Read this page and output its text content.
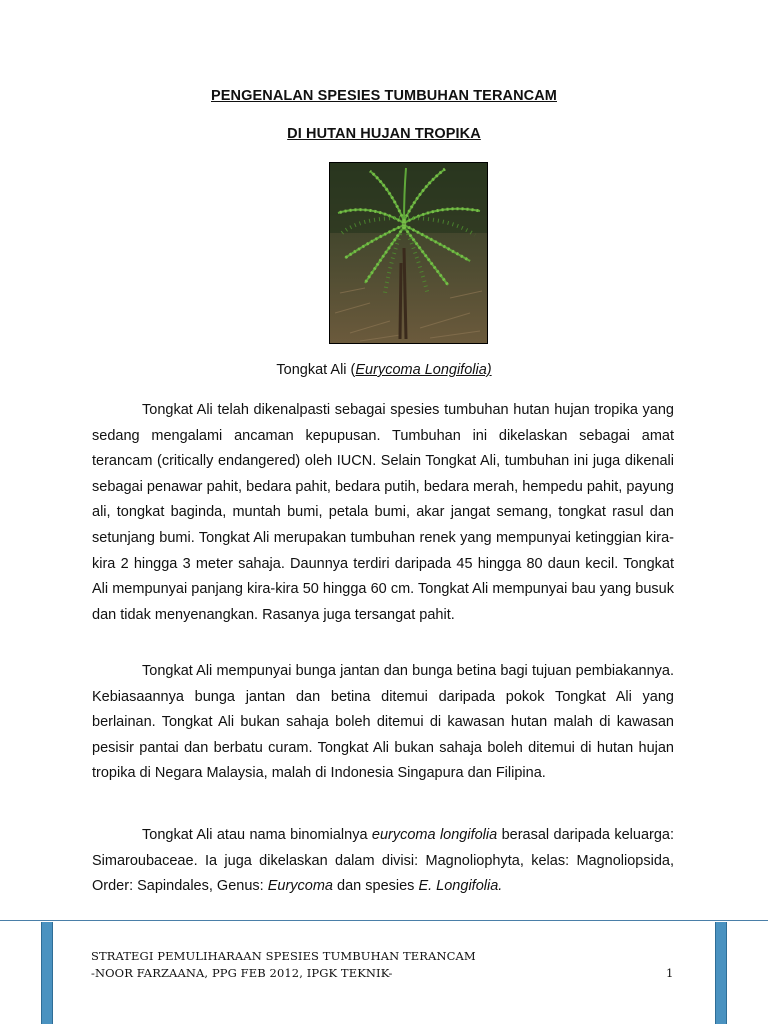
PENGENALAN SPESIES TUMBUHAN TERANCAM
DI HUTAN HUJAN TROPIKA
Tongkat Ali (Eurycoma Longifolia)

Tongkat Ali telah dikenalpasti sebagai spesies tumbuhan hutan hujan tropika yang sedang mengalami ancaman kepupusan. Tumbuhan ini dikelaskan sebagai amat terancam (critically endangered) oleh IUCN. Selain Tongkat Ali, tumbuhan ini juga dikenali sebagai penawar pahit, bedara pahit, bedara putih, bedara merah, hempedu pahit, payung ali, tongkat baginda, muntah bumi, petala bumi, akar jangat semang, tongkat rasul dan setunjang bumi. Tongkat Ali merupakan tumbuhan renek yang mempunyai ketinggian kira-kira 2 hingga 3 meter sahaja. Daunnya terdiri daripada 45 hingga 80 daun kecil. Tongkat Ali mempunyai panjang kira-kira 50 hingga 60 cm. Tongkat Ali mempunyai bau yang busuk dan tidak menyenangkan. Rasanya juga tersangat pahit.

Tongkat Ali mempunyai bunga jantan dan bunga betina bagi tujuan pembiakannya. Kebiasaannya bunga jantan dan betina ditemui daripada pokok Tongkat Ali yang berlainan. Tongkat Ali bukan sahaja boleh ditemui di kawasan hutan malah di kawasan pesisir pantai dan berbatu curam. Tongkat Ali bukan sahaja boleh ditemui di hutan hujan tropika di Negara Malaysia, malah di Indonesia Singapura dan Filipina.

Tongkat Ali atau nama binomialnya eurycoma longifolia berasal daripada keluarga: Simaroubaceae. Ia juga dikelaskan dalam divisi: Magnoliophyta, kelas: Magnoliopsida, Order: Sapindales, Genus: Eurycoma dan spesies E. Longifolia.

STRATEGI PEMULIHARAAN SPESIES TUMBUHAN TERANCAM
-NOOR FARZAANA, PPG FEB 2012, IPGK TEKNIK-	1
